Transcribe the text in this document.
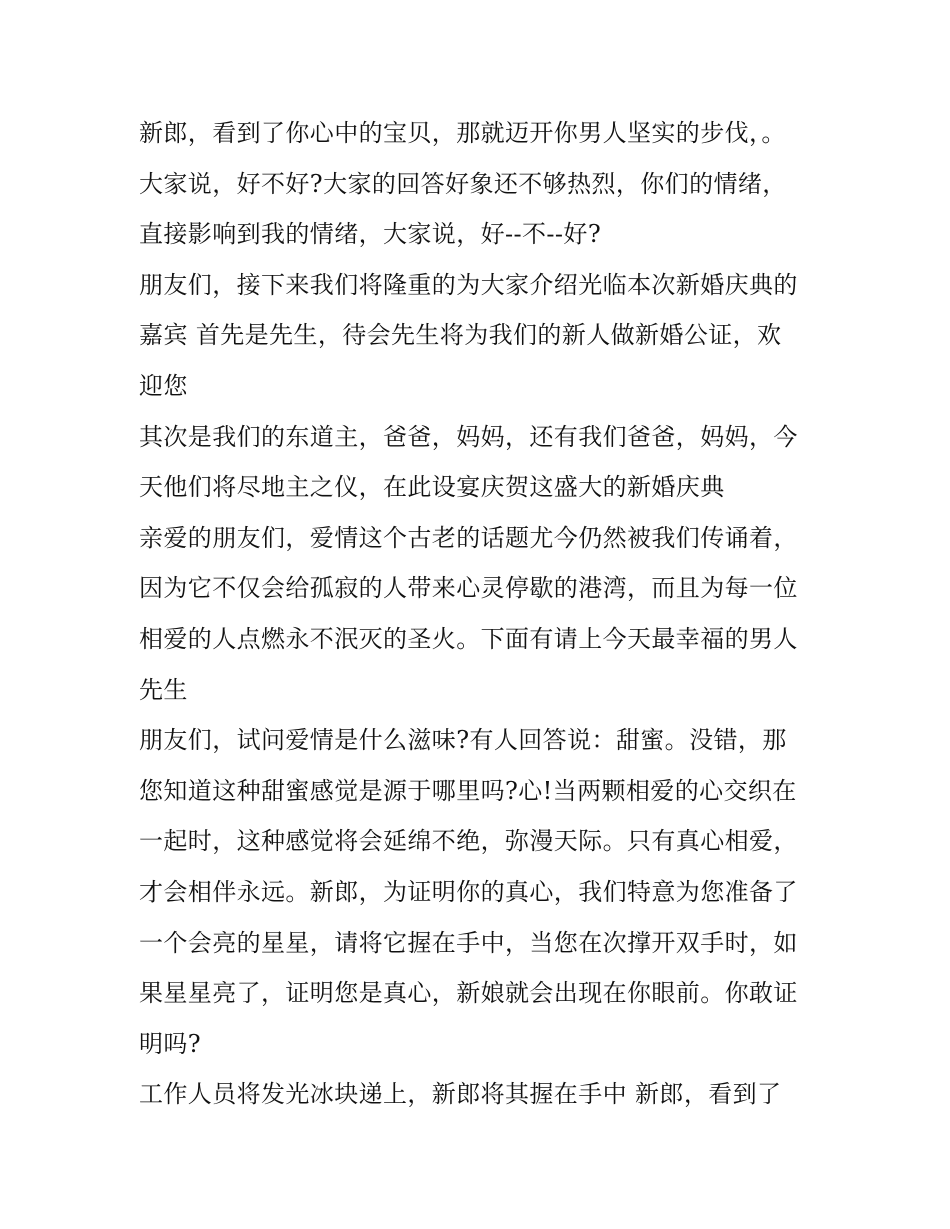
新郎，看到了你心中的宝贝，那就迈开你男人坚实的步伐，。
大家说，好不好?大家的回答好象还不够热烈，你们的情绪，
直接影响到我的情绪，大家说，好--不--好?
朋友们，接下来我们将隆重的为大家介绍光临本次新婚庆典的
嘉宾 首先是先生，待会先生将为我们的新人做新婚公证，欢
迎您
其次是我们的东道主，爸爸，妈妈，还有我们爸爸，妈妈，今
天他们将尽地主之仪，在此设宴庆贺这盛大的新婚庆典
亲爱的朋友们，爱情这个古老的话题尤今仍然被我们传诵着，
因为它不仅会给孤寂的人带来心灵停歇的港湾，而且为每一位
相爱的人点燃永不泯灭的圣火。下面有请上今天最幸福的男人
先生
朋友们，试问爱情是什么滋味?有人回答说：甜蜜。没错，那
您知道这种甜蜜感觉是源于哪里吗?心!当两颗相爱的心交织在
一起时，这种感觉将会延绵不绝，弥漫天际。只有真心相爱，
才会相伴永远。新郎，为证明你的真心，我们特意为您准备了
一个会亮的星星，请将它握在手中，当您在次撑开双手时，如
果星星亮了，证明您是真心，新娘就会出现在你眼前。你敢证
明吗?
工作人员将发光冰块递上，新郎将其握在手中 新郎，看到了
